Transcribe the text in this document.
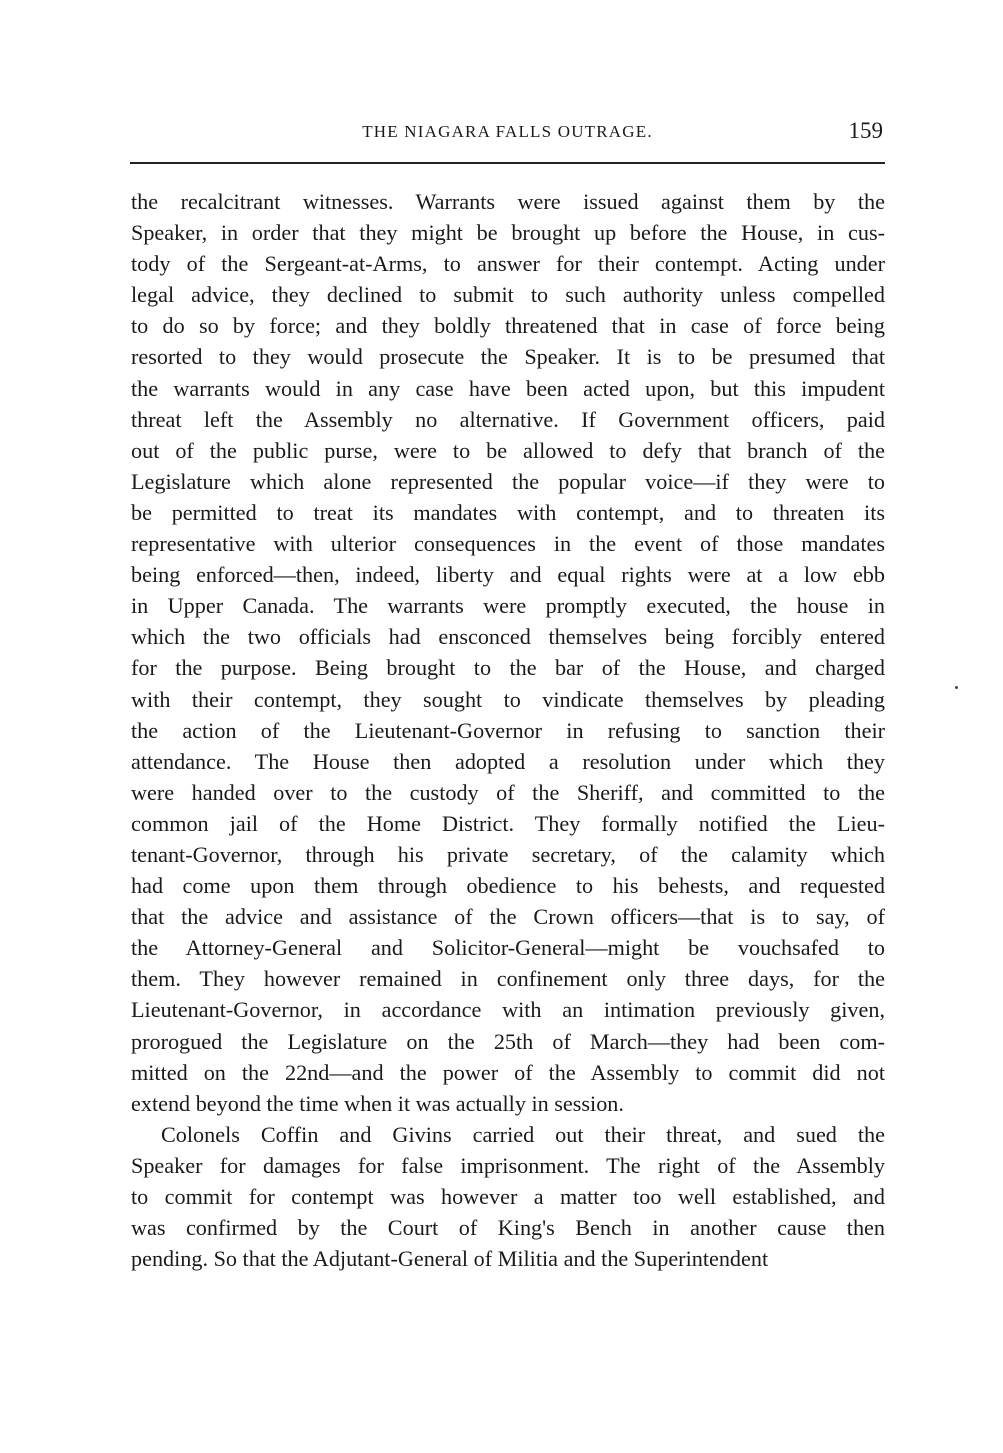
THE NIAGARA FALLS OUTRAGE.	159
the recalcitrant witnesses. Warrants were issued against them by the
Speaker, in order that they might be brought up before the House, in cus-
tody of the Sergeant-at-Arms, to answer for their contempt. Acting under
legal advice, they declined to submit to such authority unless compelled
to do so by force; and they boldly threatened that in case of force being
resorted to they would prosecute the Speaker. It is to be presumed that
the warrants would in any case have been acted upon, but this impudent
threat left the Assembly no alternative. If Government officers, paid
out of the public purse, were to be allowed to defy that branch of the
Legislature which alone represented the popular voice—if they were to
be permitted to treat its mandates with contempt, and to threaten its
representative with ulterior consequences in the event of those mandates
being enforced—then, indeed, liberty and equal rights were at a low ebb
in Upper Canada. The warrants were promptly executed, the house in
which the two officials had ensconced themselves being forcibly entered
for the purpose. Being brought to the bar of the House, and charged
with their contempt, they sought to vindicate themselves by pleading
the action of the Lieutenant-Governor in refusing to sanction their
attendance. The House then adopted a resolution under which they
were handed over to the custody of the Sheriff, and committed to the
common jail of the Home District. They formally notified the Lieu-
tenant-Governor, through his private secretary, of the calamity which
had come upon them through obedience to his behests, and requested
that the advice and assistance of the Crown officers—that is to say, of
the Attorney-General and Solicitor-General—might be vouchsafed to
them. They however remained in confinement only three days, for the
Lieutenant-Governor, in accordance with an intimation previously given,
prorogued the Legislature on the 25th of March—they had been com-
mitted on the 22nd—and the power of the Assembly to commit did not
extend beyond the time when it was actually in session.
Colonels Coffin and Givins carried out their threat, and sued the
Speaker for damages for false imprisonment. The right of the Assembly
to commit for contempt was however a matter too well established, and
was confirmed by the Court of King's Bench in another cause then
pending. So that the Adjutant-General of Militia and the Superintendent
